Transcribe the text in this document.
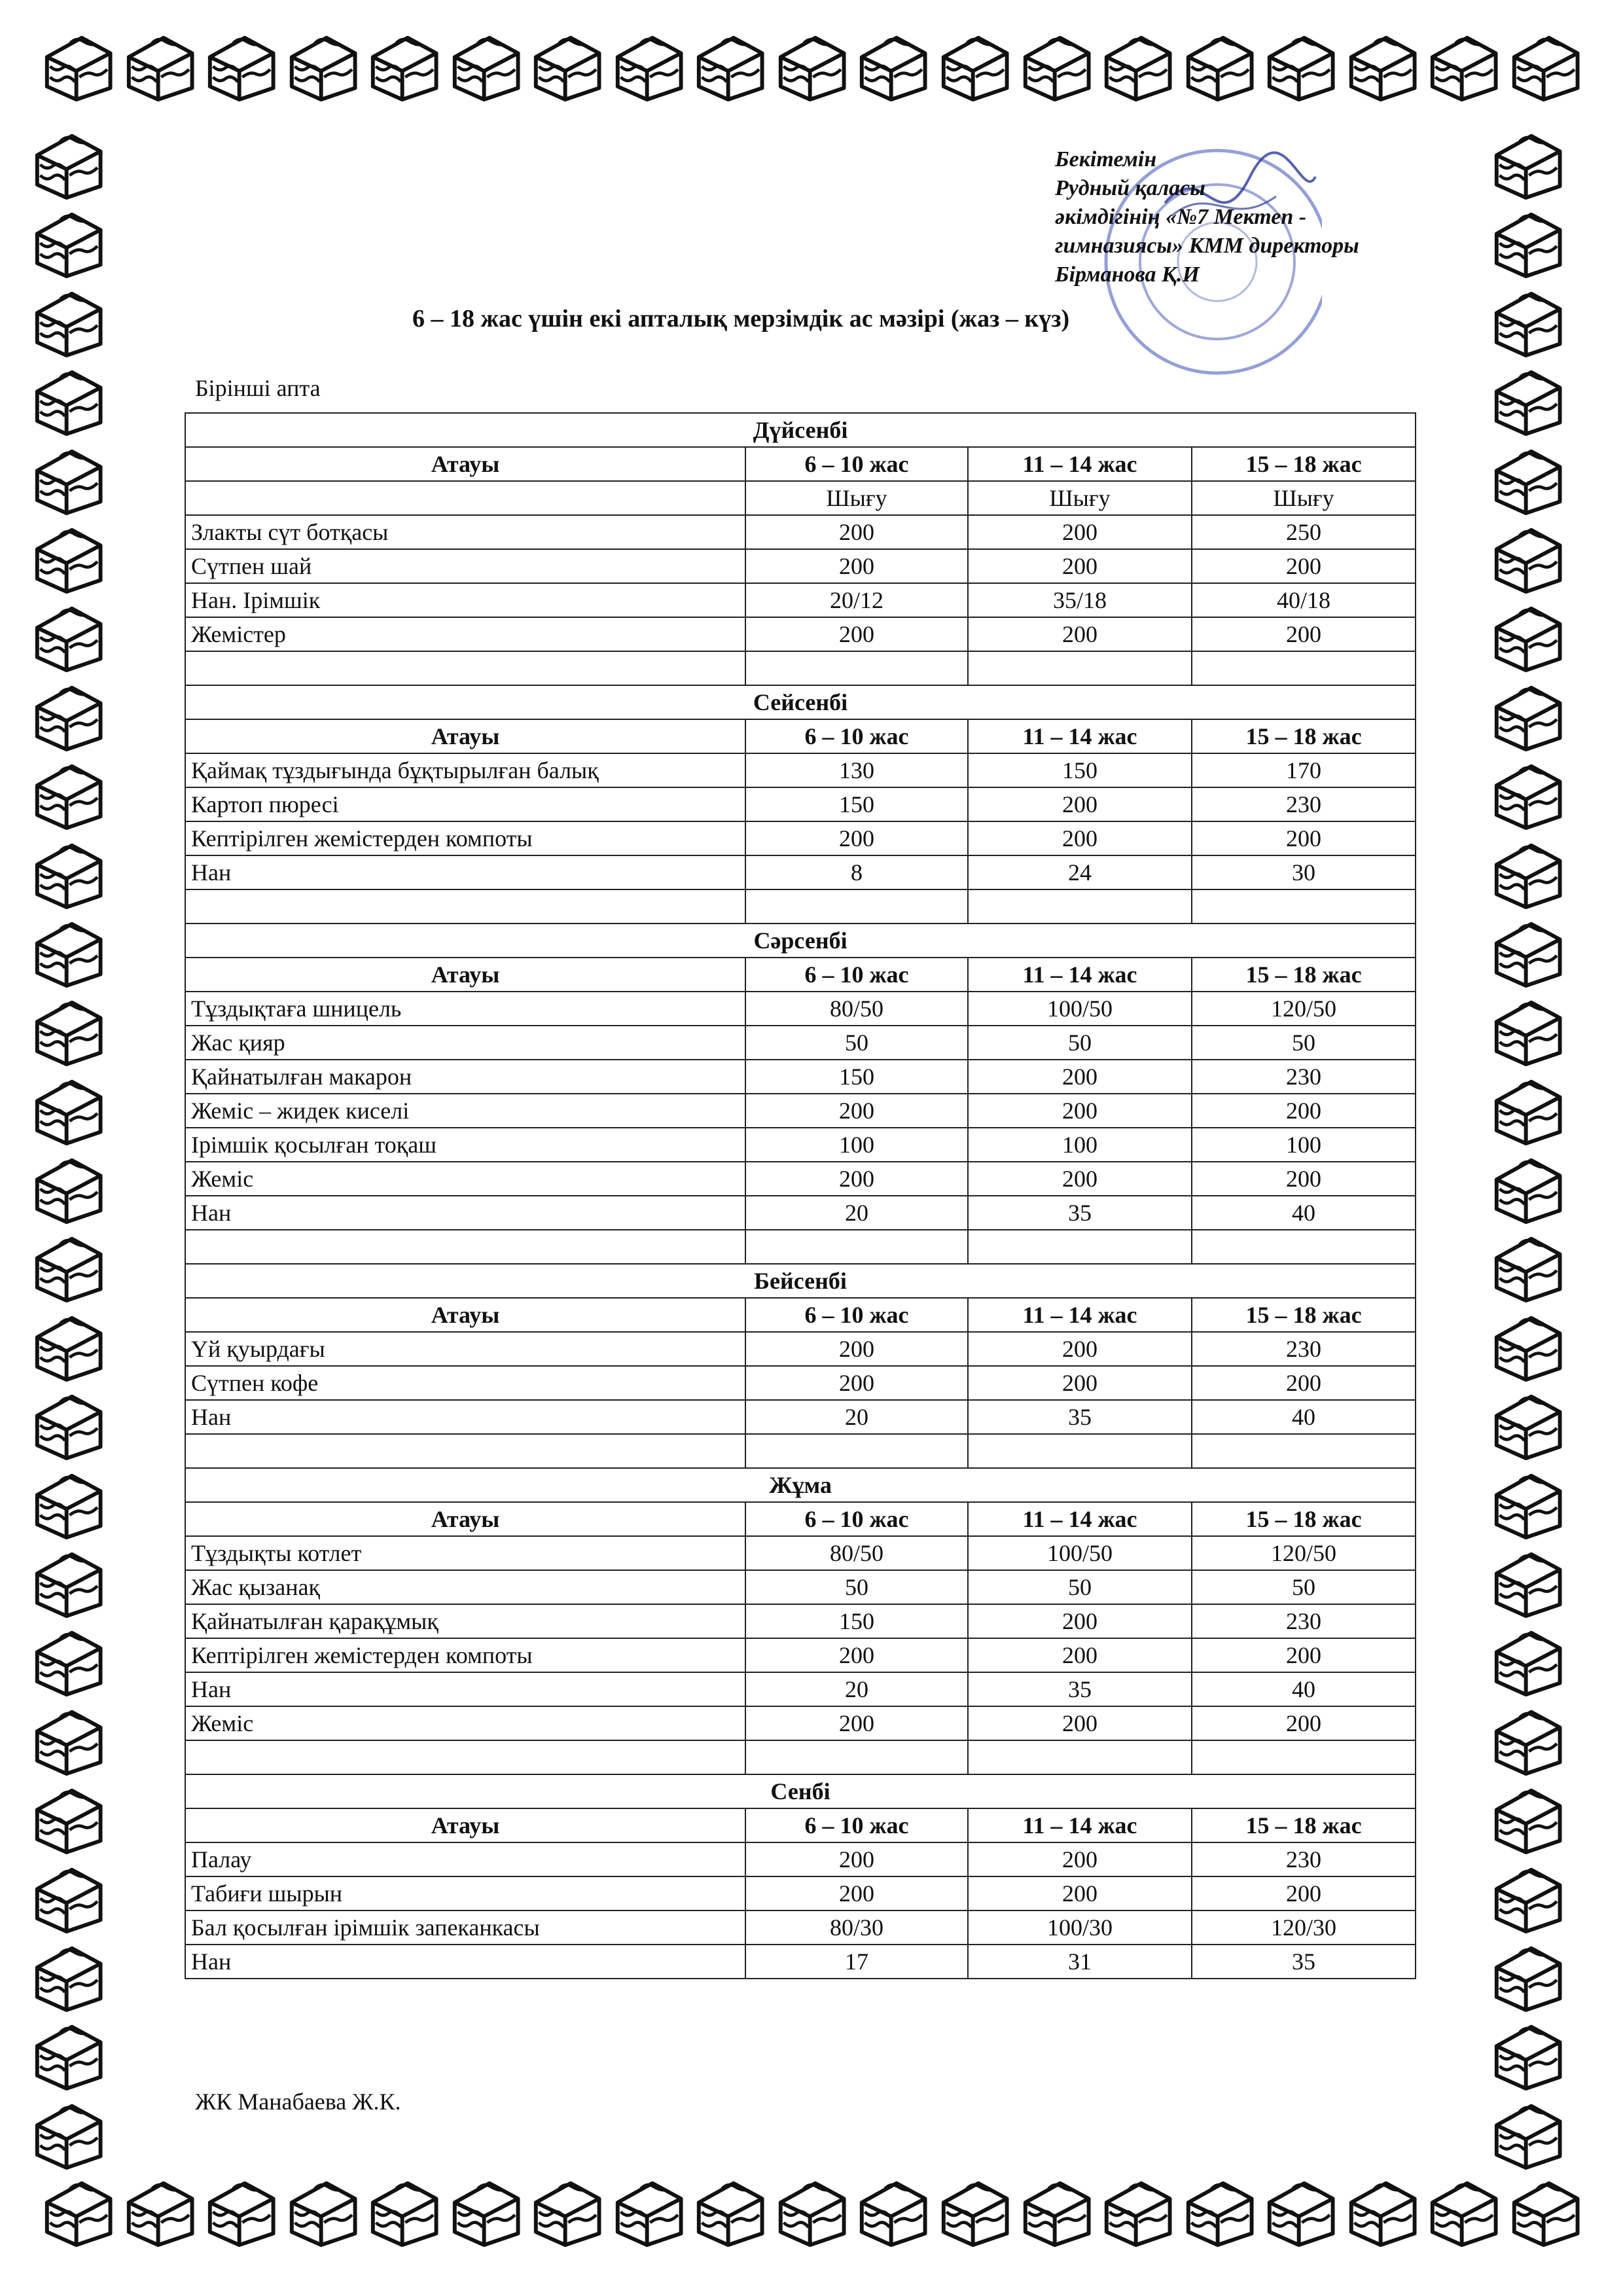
Бекітемін
Рудный қаласы
әкімдігінің «№7 Мектеп -
гимназиясы» КММ директоры
Бірманова Қ.И
6 – 18 жас үшін екі апталық мерзімдік ас мәзірі (жаз – күз)
Бірінші апта
Дүйсенбі			
Атауы	6 – 10 жас	11 – 14 жас	15 – 18 жас
	Шығу	Шығу	Шығу
Злакты сүт ботқасы	200	200	250
Сүтпен шай	200	200	200
Нан. Ірімшік	20/12	35/18	40/18
Жемістер	200	200	200

Сейсенбі			
Атауы	6 – 10 жас	11 – 14 жас	15 – 18 жас
Қаймақ тұздығында бұқтырылған балық	130	150	170
Картоп пюресі	150	200	230
Кептірілген жемістерден компоты	200	200	200
Нан	8	24	30

Сәрсенбі			
Атауы	6 – 10 жас	11 – 14 жас	15 – 18 жас
Тұздықтаға шницель	80/50	100/50	120/50
Жас қияр	50	50	50
Қайнатылған макарон	150	200	230
Жеміс – жидек киселі	200	200	200
Ірімшік қосылған тоқаш	100	100	100
Жеміс	200	200	200
Нан	20	35	40

Бейсенбі			
Атауы	6 – 10 жас	11 – 14 жас	15 – 18 жас
Үй қуырдағы	200	200	230
Сүтпен кофе	200	200	200
Нан	20	35	40

Жұма			
Атауы	6 – 10 жас	11 – 14 жас	15 – 18 жас
Тұздықты котлет	80/50	100/50	120/50
Жас қызанақ	50	50	50
Қайнатылған қарақұмық	150	200	230
Кептірілген жемістерден компоты	200	200	200
Нан	20	35	40
Жеміс	200	200	200

Сенбі			
Атауы	6 – 10 жас	11 – 14 жас	15 – 18 жас
Палау	200	200	230
Табиғи шырын	200	200	200
Бал қосылған ірімшік запеканкасы	80/30	100/30	120/30
Нан	17	31	35
ЖК Манабаева Ж.К.
